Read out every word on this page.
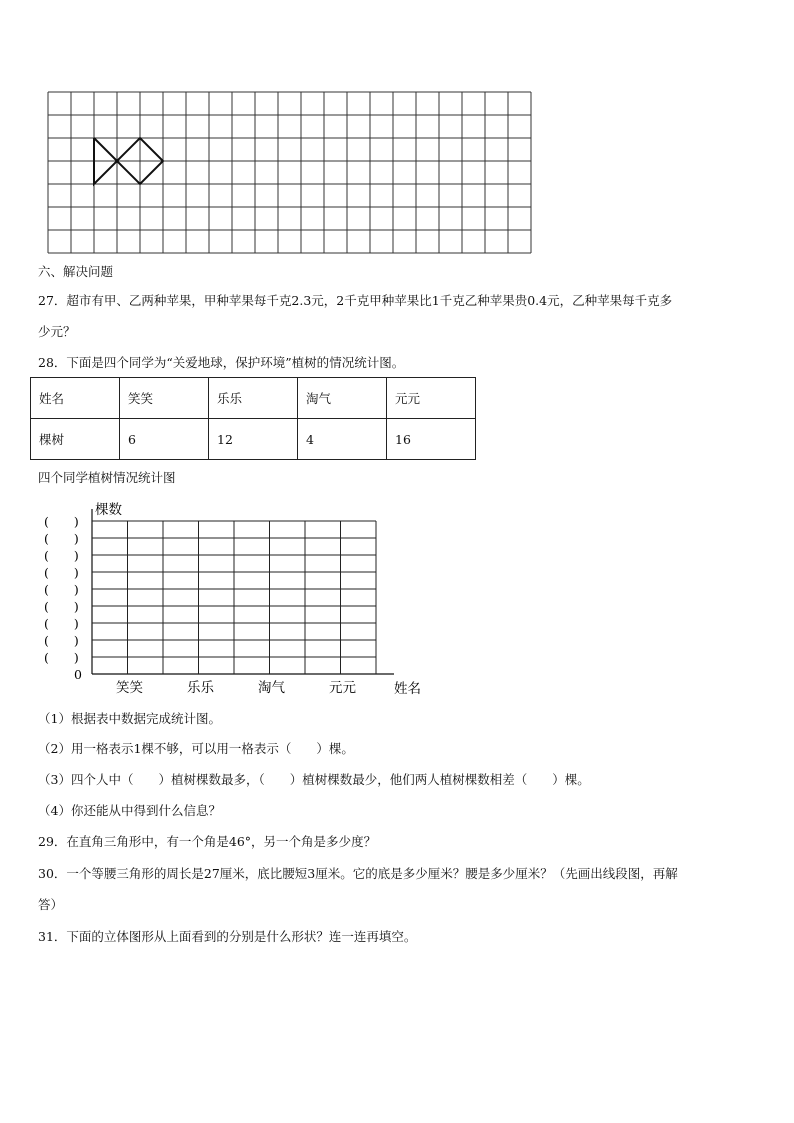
六、解决问题
27．超市有甲、乙两种苹果，甲种苹果每千克2.3元，2千克甲种苹果比1千克乙种苹果贵0.4元，乙种苹果每千克多
少元？
28．下面是四个同学为“关爱地球，保护环境”植树的情况统计图。
姓名	笑笑	乐乐	淘气	元元
棵树	6	12	4	16
四个同学植树情况统计图
(　　)
(　　)
(　　)
(　　)
(　　)
(　　)
(　　)
(　　)
(　　)
0
棵数
笑笑	乐乐	淘气	元元	姓名
（1）根据表中数据完成统计图。
（2）用一格表示1棵不够，可以用一格表示（　　）棵。
（3）四个人中（　　）植树棵数最多，（　　）植树棵数最少，他们两人植树棵数相差（　　）棵。
（4）你还能从中得到什么信息？
29．在直角三角形中，有一个角是46°，另一个角是多少度？
30．一个等腰三角形的周长是27厘米，底比腰短3厘米。它的底是多少厘米？腰是多少厘米？（先画出线段图，再解
答）
31．下面的立体图形从上面看到的分别是什么形状？连一连再填空。
